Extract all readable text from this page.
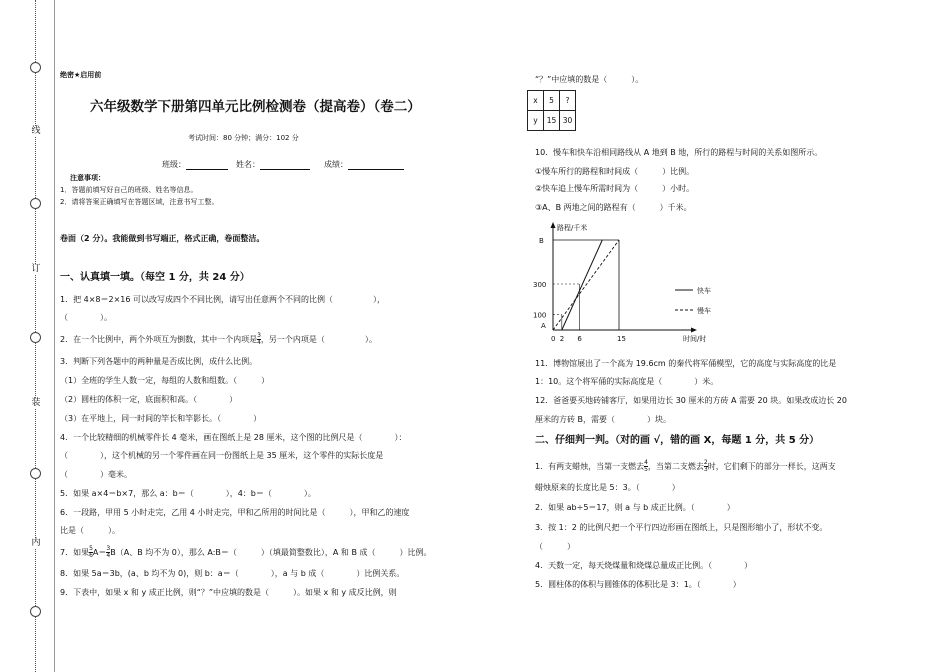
线
订
装
内
绝密★启用前
六年级数学下册第四单元比例检测卷（提高卷）（卷二）
考试时间：80 分钟；满分：102 分
班级：	姓名：	成绩：
注意事项：
1．答题前填写好自己的班级、姓名等信息。
2．请将答案正确填写在答题区域，注意书写工整。
卷面（2 分）。我能做到书写端正，格式正确，卷面整洁。
一、认真填一填。（每空 1 分，共 24 分）
1．把 4×8＝2×16 可以改写成四个不同比例，请写出任意两个不同的比例（　　　　　），
（　　　　）。
2．在一个比例中，两个外项互为倒数，其中一个内项是 $\frac{3}{4}$ ，另一个内项是（　　　　　）。
3．判断下列各题中的两种量是否成比例，成什么比例。
（1）全班的学生人数一定，每组的人数和组数。（　　　）
（2）圆柱的体积一定，底面积和高。（　　　　）
（3）在平地上，同一时间的竿长和竿影长。（　　　　）
4．一个比较精细的机械零件长 4 毫米，画在图纸上是 28 厘米，这个图的比例尺是（　　　　）：
（　　　　），这个机械的另一个零件画在同一份图纸上是 35 厘米，这个零件的实际长度是
（　　　　）毫米。
5．如果 a×4＝b×7，那么 a：b＝（　　　　），4：b＝（　　　　）。
6．一段路，甲用 5 小时走完，乙用 4 小时走完，甲和乙所用的时间比是（　　　），甲和乙的速度
比是（　　　）。
7．如果 $\frac{5}{6} A= \frac{3}{4} B(A$、B 均不为 0），那么 A:B＝（　　　）（填最简整数比），A 和 B 成（　　　）比例。
8．如果 5a＝3b，(a、b 均不为 0)，则 b：a＝（　　　　），a 与 b 成（　　　　）比例关系。
9．下表中，如果 x 和 y 成正比例，则“？”中应填的数是（　　　）。如果 x 和 y 成反比例，则
“？”中应填的数是（　　　）。
x	5	?
y	15	30
10．慢车和快车沿相同路线从 A 地到 B 地，所行的路程与时间的关系如图所示。
①慢车所行的路程和时间成（　　　）比例。
②快车追上慢车所需时间为（　　　）小时。
③A、B 两地之间的路程有（　　　）千米。
路程/千米
时间/时
B
300
100
A
0 2 6	15
快车
慢车
11．博物馆展出了一个高为 19.6cm 的秦代将军俑模型，它的高度与实际高度的比是
1：10。这个将军俑的实际高度是（　　　　）米。
12．爸爸要买地砖铺客厅，如果用边长 30 厘米的方砖 A 需要 20 块。如果改成边长 20
厘米的方砖 B，需要（　　　　）块。
二、仔细判一判。（对的画 √，错的画 X，每题 1 分，共 5 分）
1．有两支蜡烛，当第一支燃去 $\frac{4}{5}$ ，当第二支燃去 $\frac{2}{3}$ 时，它们剩下的部分一样长，这两支
蜡烛原来的长度比是 5：3。（　　　　）
2．如果 ab÷5＝17，则 a 与 b 成正比例。（　　　　）
3．按 1：2 的比例尺把一个平行四边形画在图纸上，只是图形缩小了，形状不变。
（　　　）
4．天数一定，每天烧煤量和烧煤总量成正比例。（　　　　）
5．圆柱体的体积与圆锥体的体积比是 3：1。（　　　　）
